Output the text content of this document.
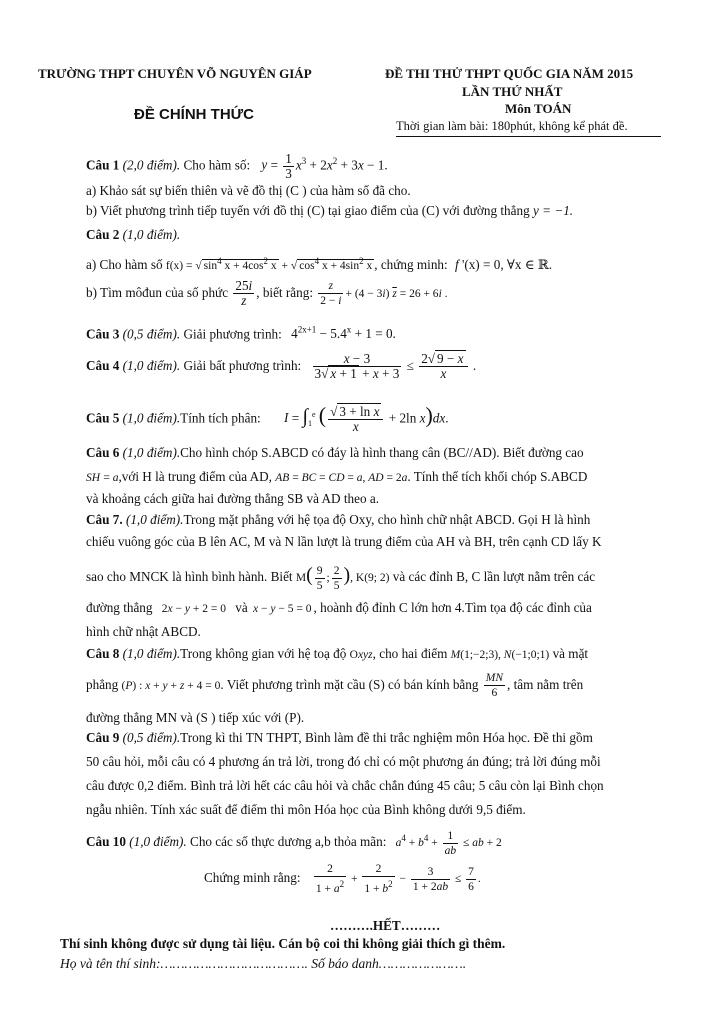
TRƯỜNG THPT CHUYÊN VÕ NGUYÊN GIÁP	ĐỀ THI THỬ THPT QUỐC GIA NĂM 2015
LẦN THỨ NHẤT
Môn TOÁN
ĐỀ CHÍNH THỨC
Thời gian làm bài: 180phút, không kể phát đề.
Câu 1 (2,0 điểm). Cho hàm số: $y = \frac{1}{3} x^3 + 2x^2 + 3x - 1$.
a) Khảo sát sự biến thiên và vẽ đồ thị (C ) của hàm số đã cho.
b) Viết phương trình tiếp tuyến với đồ thị (C) tại giao điểm của (C) với đường thẳng y = −1.
Câu 2 (1,0 điểm).
a) Cho hàm số f(x) = √ $\sin^4 x + 4\cos^2$ x + √ $\cos^4 x + 4\sin^2$ x , chứng minh: f '(x) = 0, ∀x ∈ ℝ.
b) Tìm môđun của số phức $\frac{25i}{z}$ , biết rằng: $\frac{z}{2 - i} + (4 - 3i) \overline{z} = 26 + 6i$ .
Câu 3 (0,5 điểm). Giải phương trình: $4^{2x+1} - 5.4^x + 1 = 0$.
Câu 4 (1,0 điểm). Giải bất phương trình: $\frac{x - 3}{3√ x + 1 + x + 3} \le \frac{2√ 9 - x}{x}$ .
Câu 5 (1,0 điểm).Tính tích phân: $I = \int_1^e$ ( $\frac{\text{√ 3 + ln x}}{x} + 2\ln$ x)dx.
Câu 6 (1,0 điểm).Cho hình chóp S.ABCD có đáy là hình thang cân (BC//AD). Biết đường cao
SH = a,với H là trung điểm của AD, AB = BC = CD = a, AD = 2a. Tính thể tích khối chóp S.ABCD
và khoảng cách giữa hai đường thẳng SB và AD theo a.
Câu 7. (1,0 điểm).Trong mặt phẳng với hệ tọa độ Oxy, cho hình chữ nhật ABCD. Gọi H là hình
chiếu vuông góc của B lên AC, M và N lần lượt là trung điểm của AH và BH, trên cạnh CD lấy K
sao cho MNCK là hình bình hành. Biết $M( \frac{9}{5}$ ; $\frac{2}{5}$ ), K(9; 2) và các đỉnh B, C lần lượt nằm trên các
đường thẳng 2x − y + 2 = 0 và x − y − 5 = 0 , hoành độ đỉnh C lớn hơn 4.Tìm tọa độ các đỉnh của
hình chữ nhật ABCD.
Câu 8 (1,0 điểm).Trong không gian với hệ toạ độ Oxyz, cho hai điểm M(1;−2;3), N(−1;0;1) và mặt
phẳng (P) : x + y + z + 4 = 0. Viết phương trình mặt cầu (S) có bán kính bằng $\frac{MN}{6}$ , tâm nằm trên
đường thẳng MN và (S ) tiếp xúc với (P).
Câu 9 (0,5 điểm).Trong kì thi TN THPT, Bình làm đề thi trắc nghiệm môn Hóa học. Đề thi gồm
50 câu hỏi, mỗi câu có 4 phương án trả lời, trong đó chỉ có một phương án đúng; trả lời đúng mỗi
câu được 0,2 điểm. Bình trả lời hết các câu hỏi và chắc chắn đúng 45 câu; 5 câu còn lại Bình chọn
ngẫu nhiên. Tính xác suất để điểm thi môn Hóa học của Bình không dưới 9,5 điểm.
Câu 10 (1,0 điểm). Cho các số thực dương a,b thỏa mãn: $a^4 + b^4 + \frac{1}{ab}$ ≤ ab + 2
Chứng minh rằng: $\frac{2}{1 + a^2} + \frac{2}{1 + b^2} - \frac{3}{1 + 2ab} \le \frac{7}{6}$ .
……….HẾT………
Thí sinh không được sử dụng tài liệu. Cán bộ coi thi không giải thích gì thêm.
Họ và tên thí sinh:………………………………. Số báo danh………………….
